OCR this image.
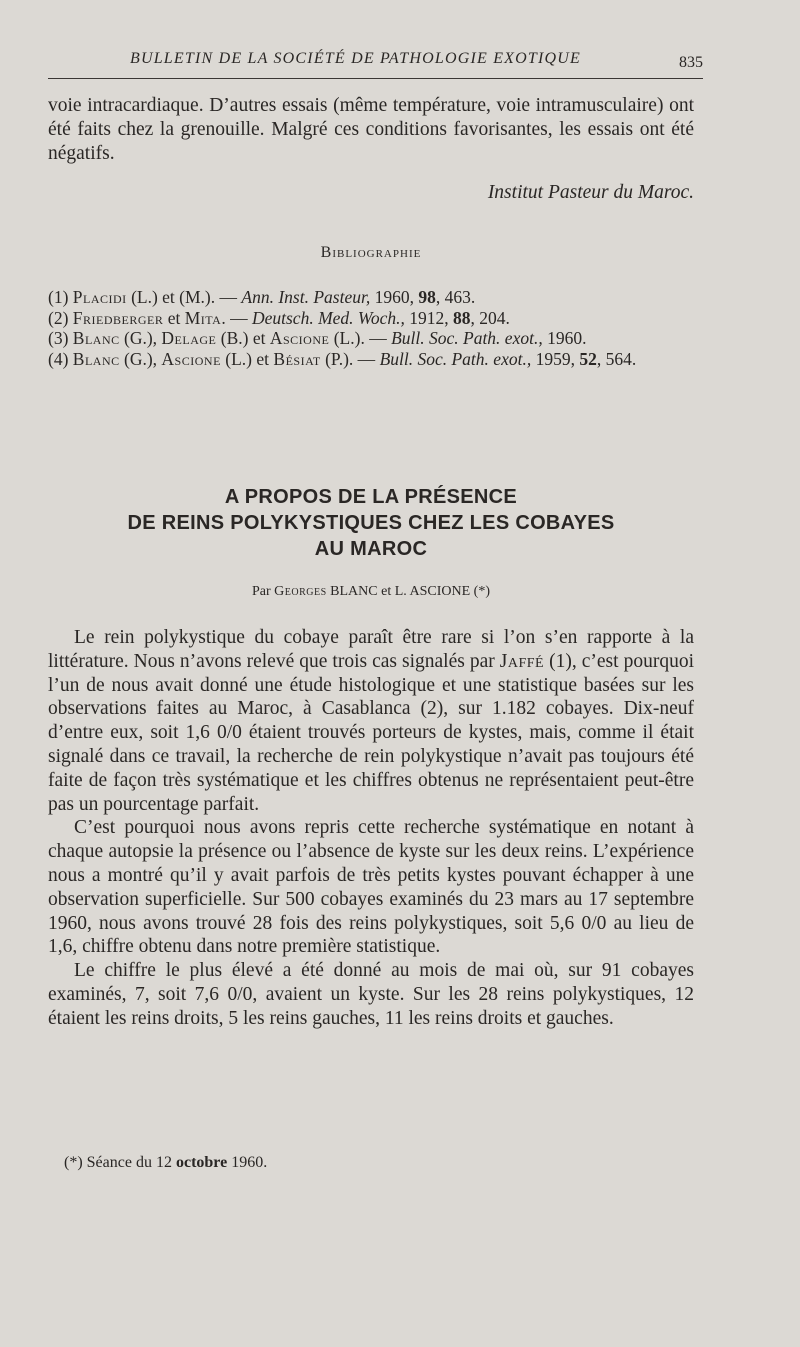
BULLETIN DE LA SOCIÉTÉ DE PATHOLOGIE EXOTIQUE	835

voie intracardiaque. D’autres essais (même température, voie intramusculaire) ont été faits chez la grenouille. Malgré ces conditions favorisantes, les essais ont été négatifs.

Institut Pasteur du Maroc.

Bibliographie

(1) Placidi (L.) et (M.). — Ann. Inst. Pasteur, 1960, 98, 463.

(2) Friedberger et Mita. — Deutsch. Med. Woch., 1912, 88, 204.

(3) Blanc (G.), Delage (B.) et Ascione (L.). — Bull. Soc. Path. exot., 1960.

(4) Blanc (G.), Ascione (L.) et Bésiat (P.). — Bull. Soc. Path. exot., 1959, 52, 564.

A PROPOS DE LA PRÉSENCE
DE REINS POLYKYSTIQUES CHEZ LES COBAYES
AU MAROC
Par Georges BLANC et L. ASCIONE (*)

Le rein polykystique du cobaye paraît être rare si l’on s’en rapporte à la littérature. Nous n’avons relevé que trois cas signalés par Jaffé (1), c’est pourquoi l’un de nous avait donné une étude histologique et une statistique basées sur les observations faites au Maroc, à Casablanca (2), sur 1.182 cobayes. Dix-neuf d’entre eux, soit 1,6 0/0 étaient trouvés porteurs de kystes, mais, comme il était signalé dans ce travail, la recherche de rein polykystique n’avait pas toujours été faite de façon très systématique et les chiffres obtenus ne représentaient peut-être pas un pourcentage parfait.

C’est pourquoi nous avons repris cette recherche systématique en notant à chaque autopsie la présence ou l’absence de kyste sur les deux reins. L’expérience nous a montré qu’il y avait parfois de très petits kystes pouvant échapper à une observation superficielle. Sur 500 cobayes examinés du 23 mars au 17 septembre 1960, nous avons trouvé 28 fois des reins polykystiques, soit 5,6 0/0 au lieu de 1,6, chiffre obtenu dans notre première statistique.

Le chiffre le plus élevé a été donné au mois de mai où, sur 91 cobayes examinés, 7, soit 7,6 0/0, avaient un kyste. Sur les 28 reins polykystiques, 12 étaient les reins droits, 5 les reins gauches, 11 les reins droits et gauches.

(*) Séance du 12 octobre 1960.
